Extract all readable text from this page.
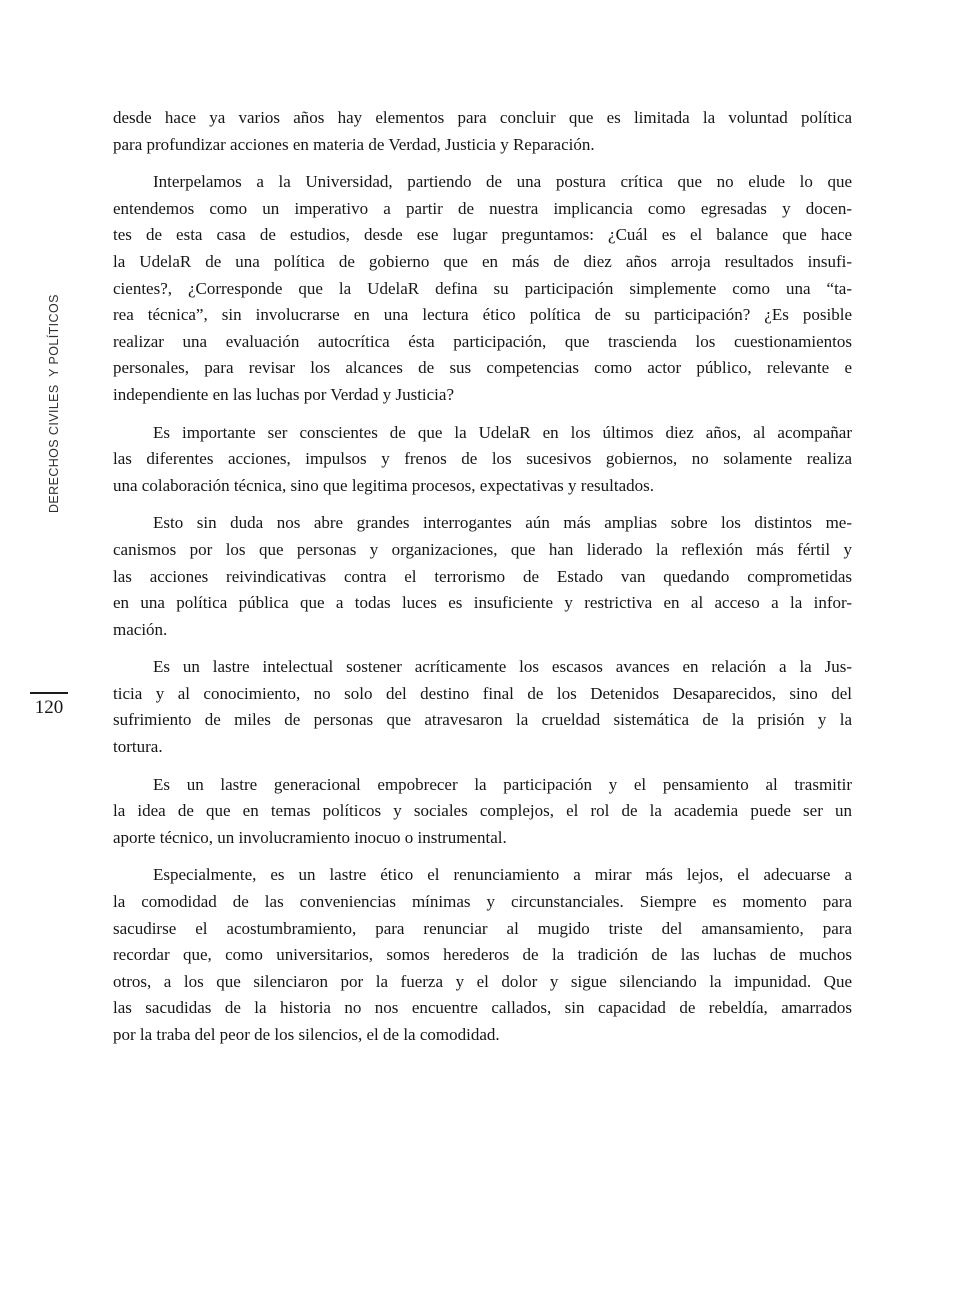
DERECHOS CIVILES  Y POLÍTICOS
120
desde hace ya varios años hay elementos para concluir que es limitada la voluntad política
para profundizar acciones en materia de Verdad, Justicia y Reparación.
Interpelamos a la Universidad, partiendo de una postura crítica que no elude lo que
entendemos como un imperativo a partir de nuestra implicancia como egresadas y docen-
tes de esta casa de estudios, desde ese lugar preguntamos: ¿Cuál es el balance que hace
la UdelaR de una política de gobierno que en más de diez años arroja resultados insufi-
cientes?, ¿Corresponde que la UdelaR defina su participación simplemente como una “ta-
rea técnica”, sin involucrarse en una lectura ético política de su participación? ¿Es posible
realizar una evaluación autocrítica ésta participación, que trascienda los cuestionamientos
personales, para revisar los alcances de sus competencias como actor público, relevante e
independiente en las luchas por Verdad y Justicia?
Es importante ser conscientes de que la UdelaR en los últimos diez años, al acompañar
las diferentes acciones, impulsos y frenos de los sucesivos gobiernos, no solamente realiza
una colaboración técnica, sino que legitima procesos, expectativas y resultados.
Esto sin duda nos abre grandes interrogantes aún más amplias sobre los distintos me-
canismos por los que personas y organizaciones, que han liderado la reflexión más fértil y
las acciones reivindicativas contra el terrorismo de Estado van quedando comprometidas
en una política pública que a todas luces es insuficiente y restrictiva en al acceso a la infor-
mación.
Es un lastre intelectual sostener acríticamente los escasos avances en relación a la Jus-
ticia y al conocimiento, no solo del destino final de los Detenidos Desaparecidos, sino del
sufrimiento de miles de personas que atravesaron la crueldad sistemática de la prisión y la
tortura.
Es un lastre generacional empobrecer la participación y el pensamiento al trasmitir
la idea de que en temas políticos y sociales complejos, el rol de la academia puede ser un
aporte técnico, un involucramiento inocuo o instrumental.
Especialmente, es un lastre ético el renunciamiento a mirar más lejos, el adecuarse a
la comodidad de las conveniencias mínimas y circunstanciales. Siempre es momento para
sacudirse el acostumbramiento, para renunciar al mugido triste del amansamiento, para
recordar que, como universitarios, somos herederos de la tradición de las luchas de muchos
otros, a los que silenciaron por la fuerza y el dolor y sigue silenciando la impunidad. Que
las sacudidas de la historia no nos encuentre callados, sin capacidad de rebeldía, amarrados
por la traba del peor de los silencios, el de la comodidad.
